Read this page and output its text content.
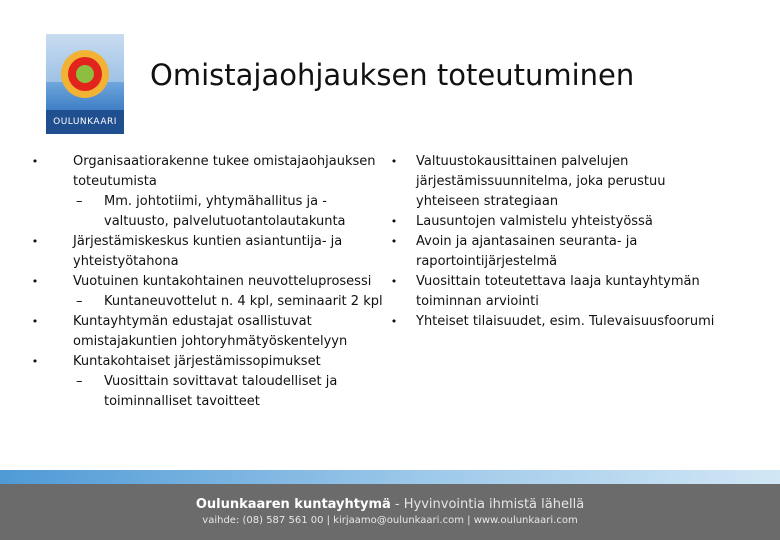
OULUNKAARI
Omistajaohjauksen toteutuminen

•	Organisaatiorakenne tukee omistajaohjauksen toteutumista

– Mm. johtotiimi, yhtymähallitus ja -valtuusto, palvelutuotantolautakunta

•	Järjestämiskeskus kuntien asiantuntija- ja yhteistyötahona

•	Vuotuinen kuntakohtainen neuvotteluprosessi

– Kuntaneuvottelut n. 4 kpl, seminaarit 2 kpl

•	Kuntayhtymän edustajat osallistuvat omistajakuntien johtoryhmätyöskentelyyn

•	Kuntakohtaiset järjestämissopimukset

– Vuosittain sovittavat taloudelliset ja toiminnalliset tavoitteet

• Valtuustokausittainen palvelujen järjestämissuunnitelma, joka perustuu yhteiseen strategiaan

• Lausuntojen valmistelu yhteistyössä

• Avoin ja ajantasainen seuranta- ja raportointijärjestelmä

• Vuosittain toteutettava laaja kuntayhtymän toiminnan arviointi

• Yhteiset tilaisuudet, esim. Tulevaisuusfoorumi

Oulunkaaren kuntayhtymä - Hyvinvointia ihmistä lähellä
vaihde: (08) 587 561 00 | kirjaamo@oulunkaari.com | www.oulunkaari.com
